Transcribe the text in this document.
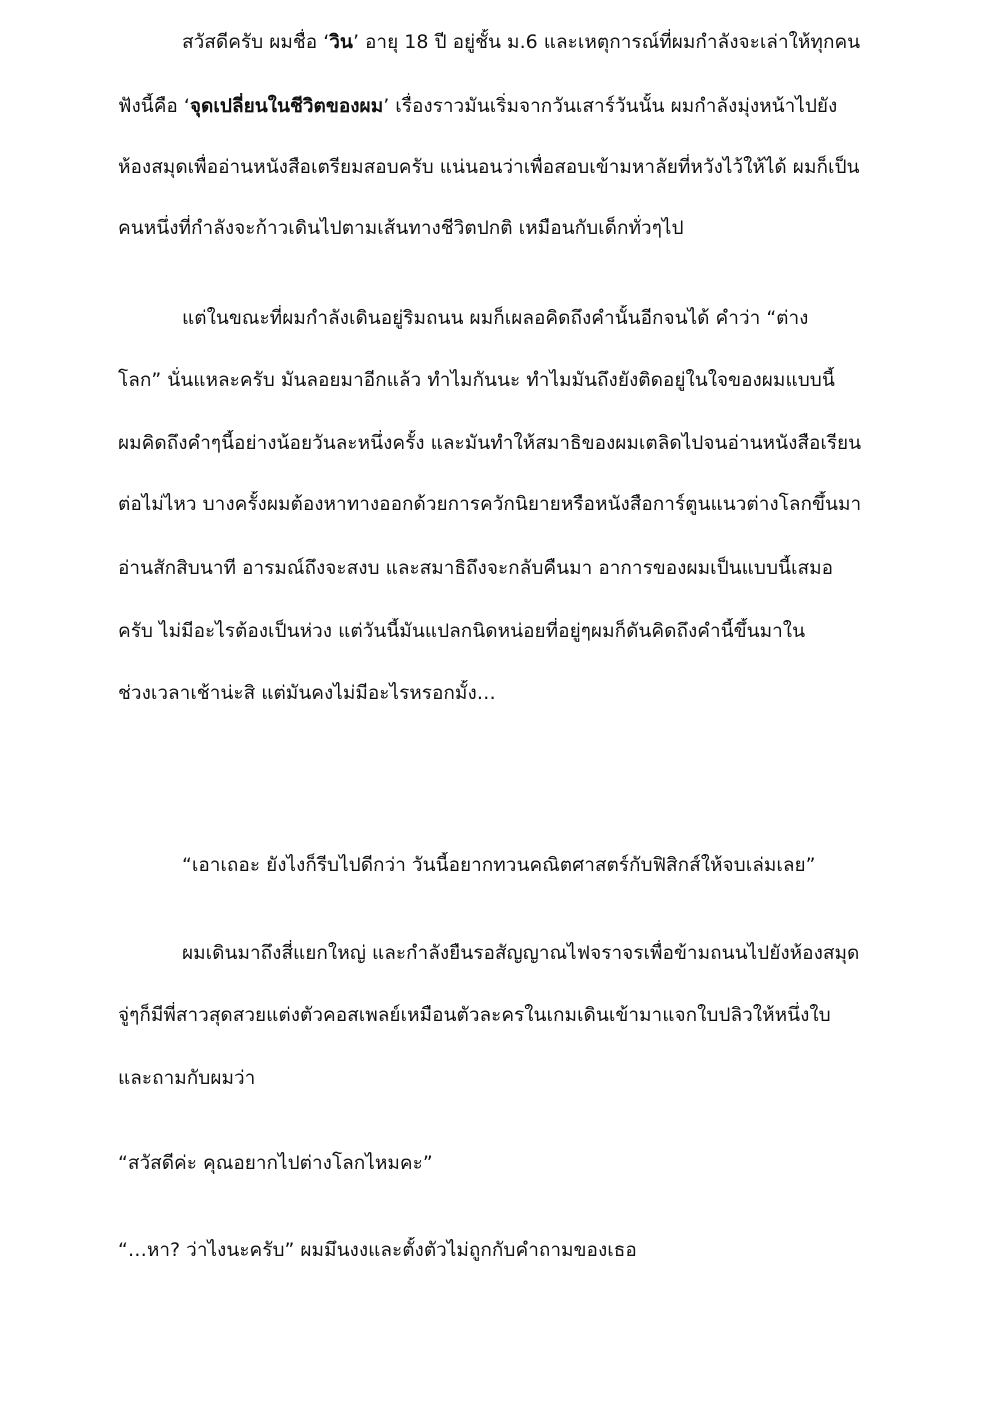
สวัสดีครับ ผมชื่อ ‘วิน’ อายุ 18 ปี อยู่ชั้น ม.6 และเหตุการณ์ที่ผมกำลังจะเล่าให้ทุกคน
ฟังนี้คือ ‘จุดเปลี่ยนในชีวิตของผม’ เรื่องราวมันเริ่มจากวันเสาร์วันนั้น ผมกำลังมุ่งหน้าไปยัง
ห้องสมุดเพื่ออ่านหนังสือเตรียมสอบครับ แน่นอนว่าเพื่อสอบเข้ามหาลัยที่หวังไว้ให้ได้ ผมก็เป็น
คนหนึ่งที่กำลังจะก้าวเดินไปตามเส้นทางชีวิตปกติ เหมือนกับเด็กทั่วๆไป
แต่ในขณะที่ผมกำลังเดินอยู่ริมถนน ผมก็เผลอคิดถึงคำนั้นอีกจนได้ คำว่า “ต่าง
โลก” นั่นแหละครับ มันลอยมาอีกแล้ว ทำไมกันนะ ทำไมมันถึงยังติดอยู่ในใจของผมแบบนี้
ผมคิดถึงคำๆนี้อย่างน้อยวันละหนึ่งครั้ง และมันทำให้สมาธิของผมเตลิดไปจนอ่านหนังสือเรียน
ต่อไม่ไหว บางครั้งผมต้องหาทางออกด้วยการควักนิยายหรือหนังสือการ์ตูนแนวต่างโลกขึ้นมา
อ่านสักสิบนาที อารมณ์ถึงจะสงบ และสมาธิถึงจะกลับคืนมา อาการของผมเป็นแบบนี้เสมอ
ครับ ไม่มีอะไรต้องเป็นห่วง แต่วันนี้มันแปลกนิดหน่อยที่อยู่ๆผมก็ดันคิดถึงคำนี้ขึ้นมาใน
ช่วงเวลาเช้าน่ะสิ แต่มันคงไม่มีอะไรหรอกมั้ง…
“เอาเถอะ ยังไงก็รีบไปดีกว่า วันนี้อยากทวนคณิตศาสตร์กับฟิสิกส์ให้จบเล่มเลย”
ผมเดินมาถึงสี่แยกใหญ่ และกำลังยืนรอสัญญาณไฟจราจรเพื่อข้ามถนนไปยังห้องสมุด
จู่ๆก็มีพี่สาวสุดสวยแต่งตัวคอสเพลย์เหมือนตัวละครในเกมเดินเข้ามาแจกใบปลิวให้หนึ่งใบ
และถามกับผมว่า
“สวัสดีค่ะ คุณอยากไปต่างโลกไหมคะ”
“…หา? ว่าไงนะครับ” ผมมึนงงและตั้งตัวไม่ถูกกับคำถามของเธอ
